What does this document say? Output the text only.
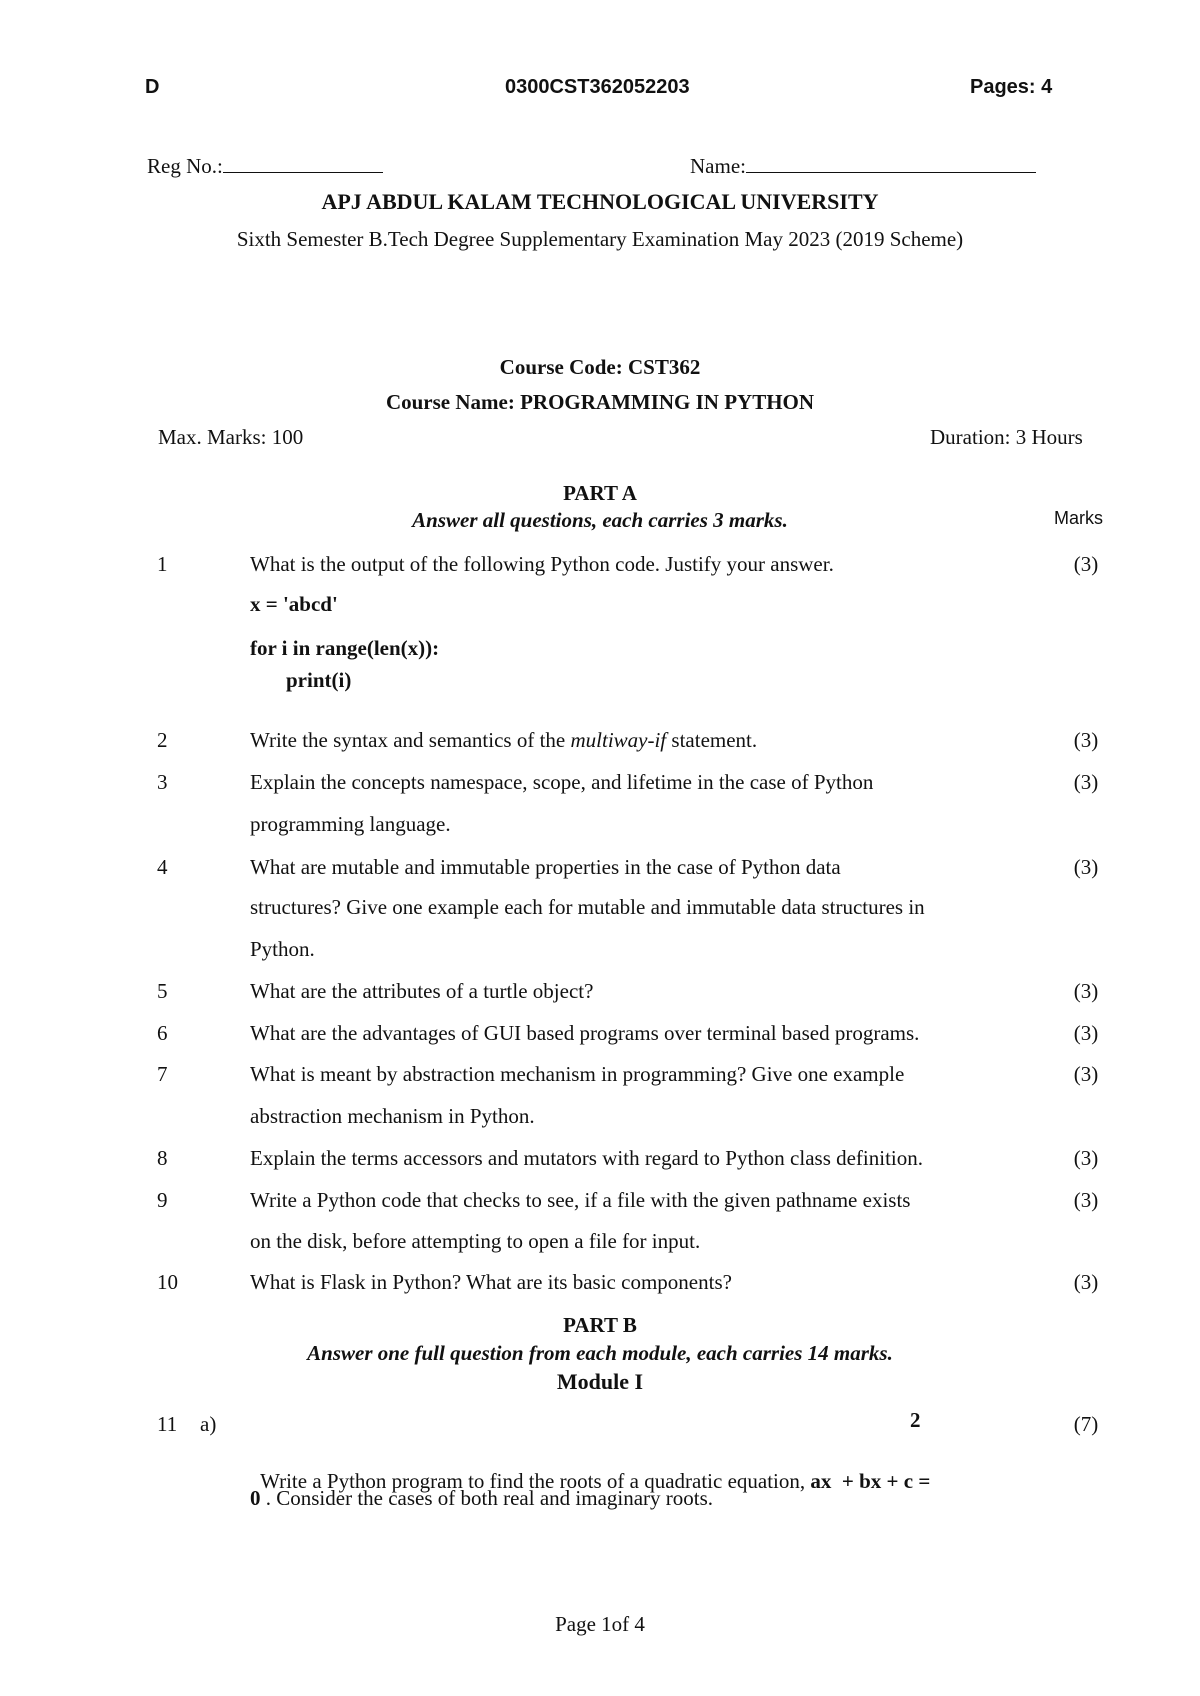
D	0300CST362052203	Pages: 4
Reg No.:	Name:
APJ ABDUL KALAM TECHNOLOGICAL UNIVERSITY
Sixth Semester B.Tech Degree Supplementary Examination May 2023 (2019 Scheme)
Course Code: CST362
Course Name: PROGRAMMING IN PYTHON
Max. Marks: 100	Duration: 3 Hours
PART A
Answer all questions, each carries 3 marks.	Marks
1	What is the output of the following Python code. Justify your answer.	(3)
x = 'abcd'
for i in range(len(x)):
print(i)
2	Write the syntax and semantics of the multiway-if statement.	(3)
3	Explain the concepts namespace, scope, and lifetime in the case of Python
programming language.
(3)
4	What are mutable and immutable properties in the case of Python data
structures? Give one example each for mutable and immutable data structures in
Python.
(3)
5	What are the attributes of a turtle object?	(3)
6	What are the advantages of GUI based programs over terminal based programs.	(3)
7	What is meant by abstraction mechanism in programming? Give one example
abstraction mechanism in Python.
(3)
8	Explain the terms accessors and mutators with regard to Python class definition.	(3)
9	Write a Python code that checks to see, if a file with the given pathname exists
on the disk, before attempting to open a file for input.
(3)
10	What is Flask in Python? What are its basic components?	(3)
PART B
Answer one full question from each module, each carries 14 marks.
Module I
11 a)	2	(7)

Write a Python program to find the roots of a quadratic equation, ax  + bx + c =

0 . Consider the cases of both real and imaginary roots.
Page 1of 4
